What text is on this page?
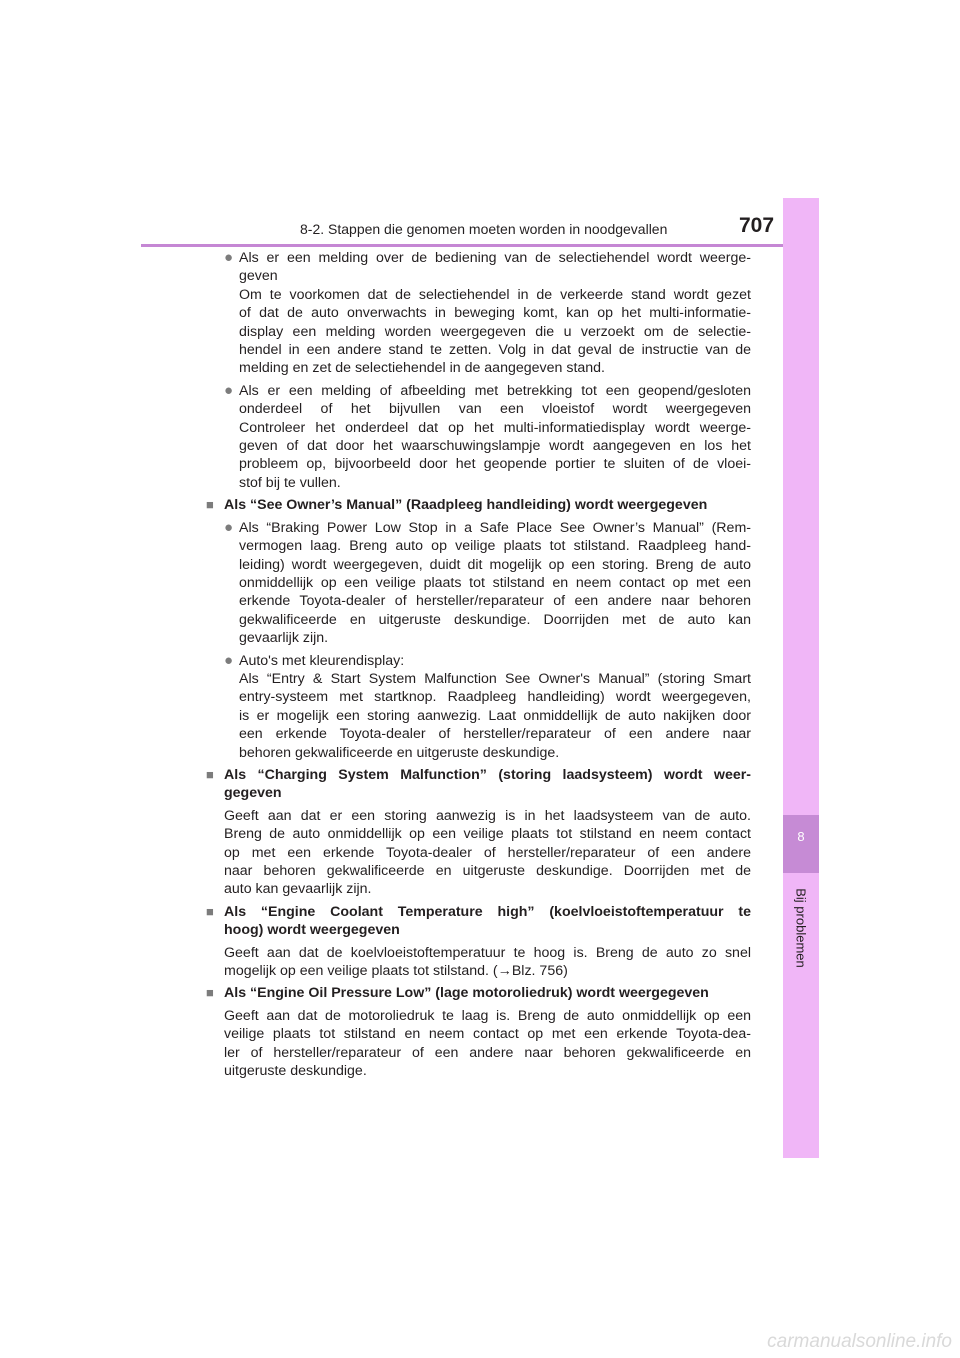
8-2. Stappen die genomen moeten worden in noodgevallen	707
8
Bij problemen
● Als er een melding over de bediening van de selectiehendel wordt weerge-
geven
Om te voorkomen dat de selectiehendel in de verkeerde stand wordt gezet
of dat de auto onverwachts in beweging komt, kan op het multi-informatie-
display een melding worden weergegeven die u verzoekt om de selectie-
hendel in een andere stand te zetten. Volg in dat geval de instructie van de
melding en zet de selectiehendel in de aangegeven stand.
● Als er een melding of afbeelding met betrekking tot een geopend/gesloten
onderdeel of het bijvullen van een vloeistof wordt weergegeven
Controleer het onderdeel dat op het multi-informatiedisplay wordt weerge-
geven of dat door het waarschuwingslampje wordt aangegeven en los het
probleem op, bijvoorbeeld door het geopende portier te sluiten of de vloei-
stof bij te vullen.
■ Als “See Owner’s Manual” (Raadpleeg handleiding) wordt weergegeven
● Als “Braking Power Low Stop in a Safe Place See Owner’s Manual” (Rem-
vermogen laag. Breng auto op veilige plaats tot stilstand. Raadpleeg hand-
leiding) wordt weergegeven, duidt dit mogelijk op een storing. Breng de auto
onmiddellijk op een veilige plaats tot stilstand en neem contact op met een
erkende Toyota-dealer of hersteller/reparateur of een andere naar behoren
gekwalificeerde en uitgeruste deskundige. Doorrijden met de auto kan
gevaarlijk zijn.
● Auto's met kleurendisplay:
Als “Entry & Start System Malfunction See Owner's Manual” (storing Smart
entry-systeem met startknop. Raadpleeg handleiding) wordt weergegeven,
is er mogelijk een storing aanwezig. Laat onmiddellijk de auto nakijken door
een erkende Toyota-dealer of hersteller/reparateur of een andere naar
behoren gekwalificeerde en uitgeruste deskundige.
■ Als “Charging System Malfunction” (storing laadsysteem) wordt weer-
gegeven
Geeft aan dat er een storing aanwezig is in het laadsysteem van de auto.
Breng de auto onmiddellijk op een veilige plaats tot stilstand en neem contact
op met een erkende Toyota-dealer of hersteller/reparateur of een andere
naar behoren gekwalificeerde en uitgeruste deskundige. Doorrijden met de
auto kan gevaarlijk zijn.
■ Als “Engine Coolant Temperature high” (koelvloeistoftemperatuur te
hoog) wordt weergegeven
Geeft aan dat de koelvloeistoftemperatuur te hoog is. Breng de auto zo snel
mogelijk op een veilige plaats tot stilstand. (→Blz. 756)
■ Als “Engine Oil Pressure Low” (lage motoroliedruk) wordt weergegeven
Geeft aan dat de motoroliedruk te laag is. Breng de auto onmiddellijk op een
veilige plaats tot stilstand en neem contact op met een erkende Toyota-dea-
ler of hersteller/reparateur of een andere naar behoren gekwalificeerde en
uitgeruste deskundige.
carmanualsonline.info
